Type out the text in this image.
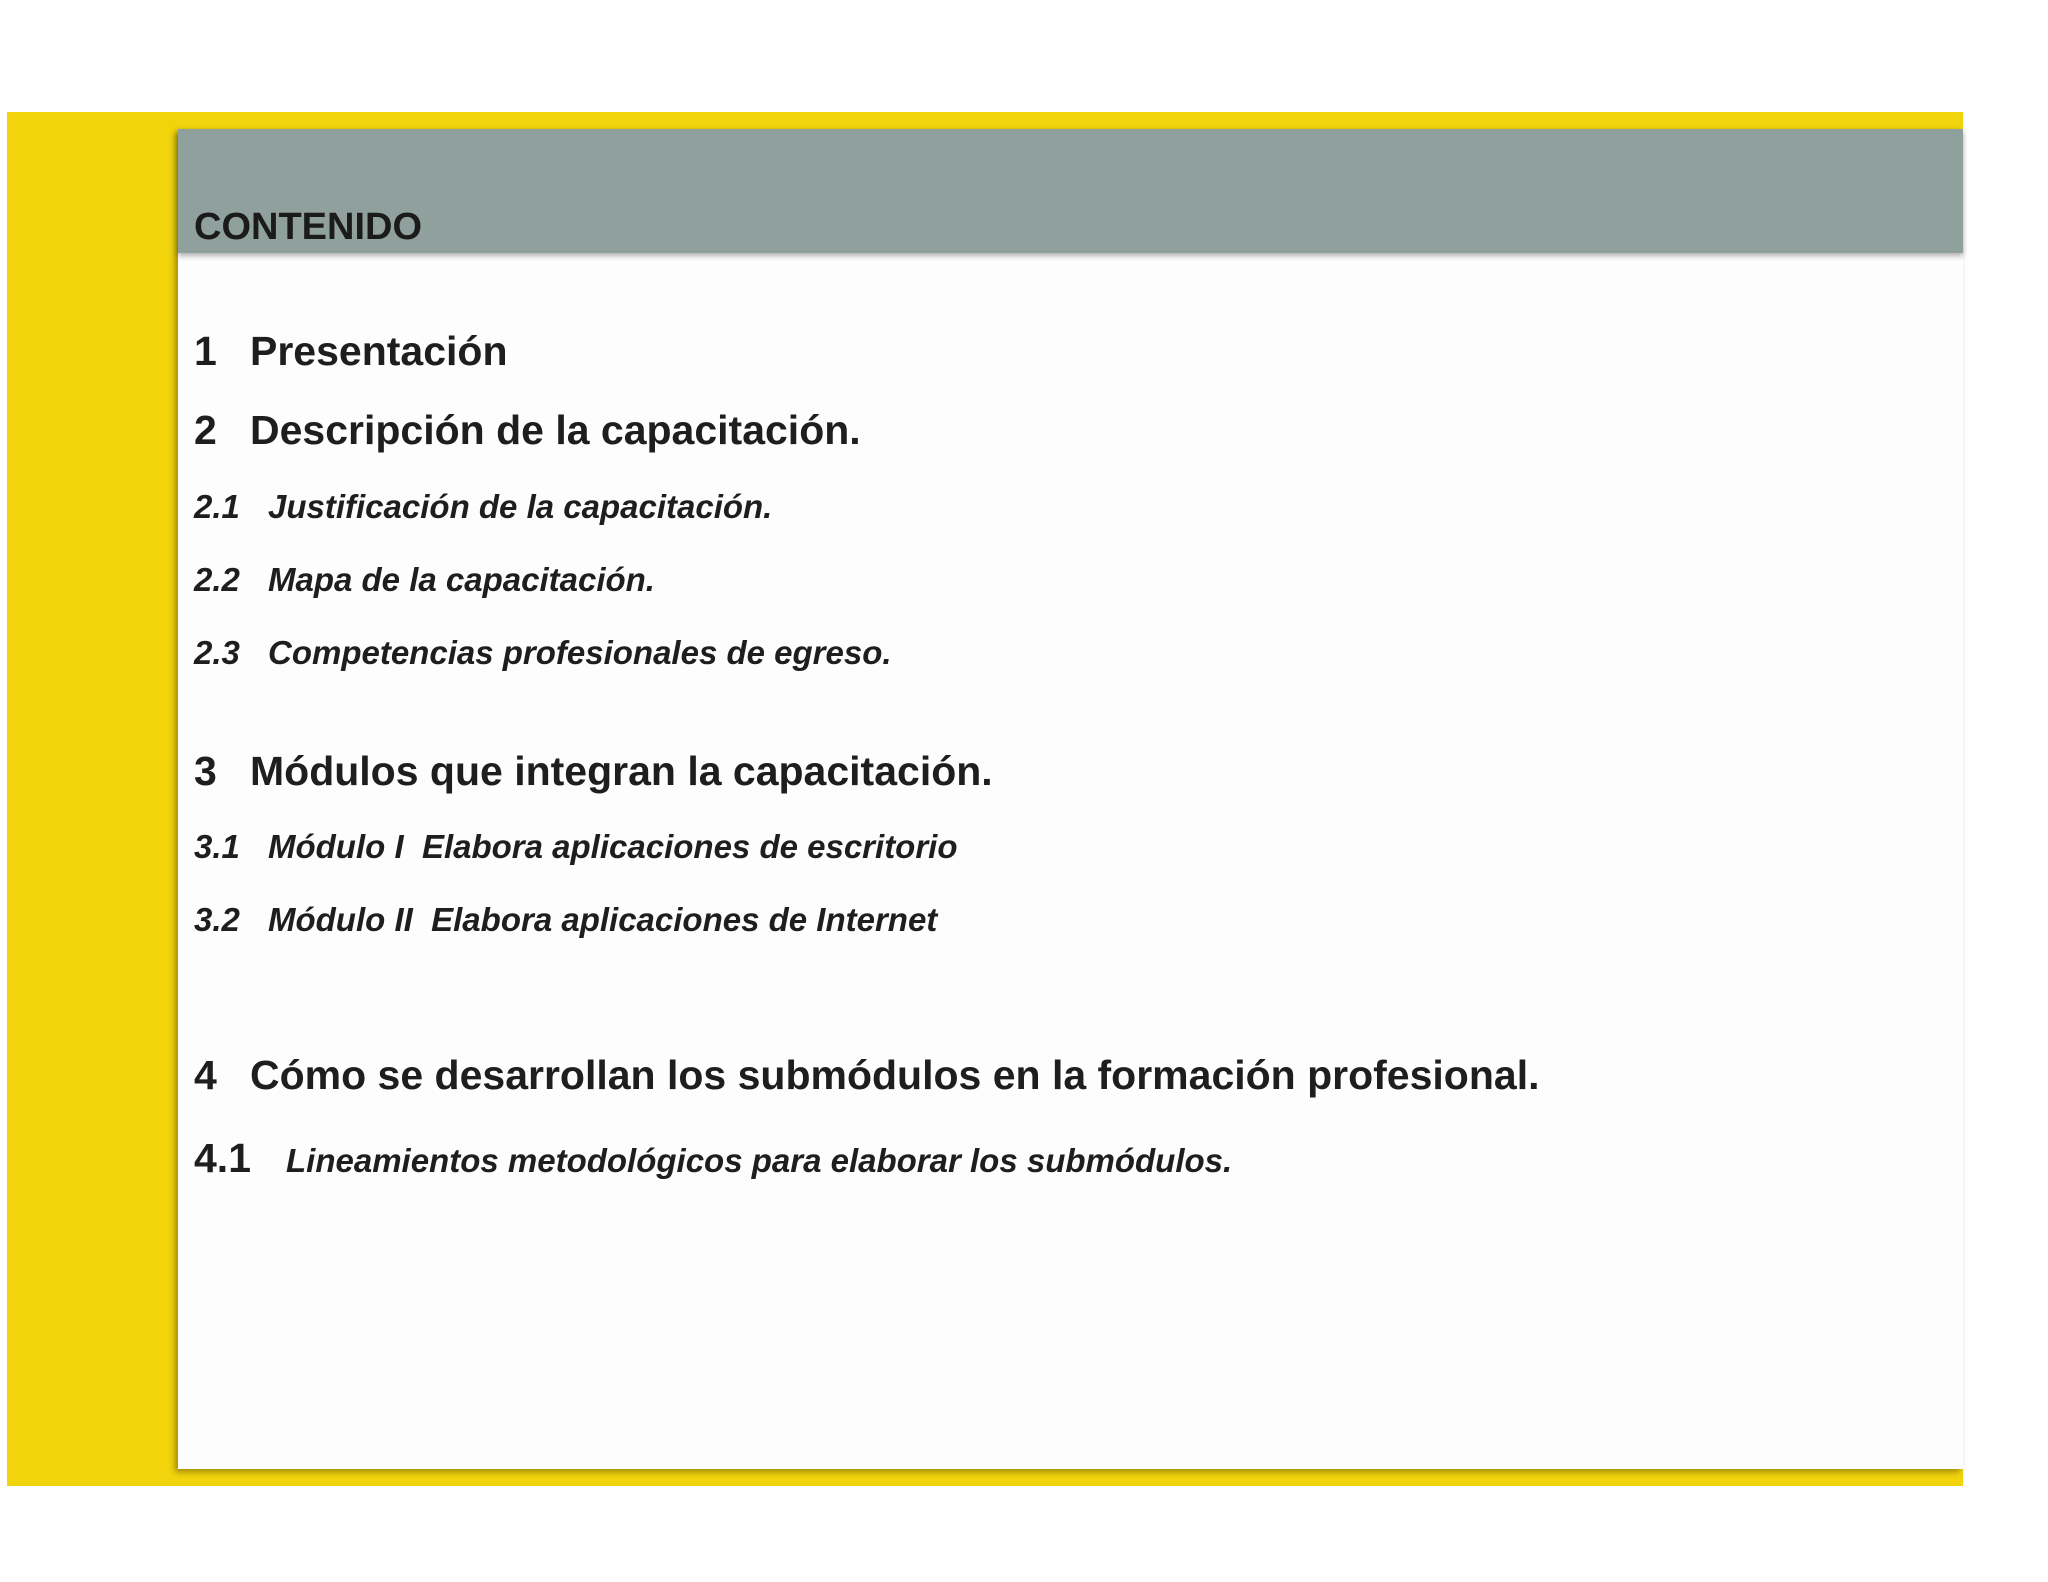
CONTENIDO
1 Presentación
2 Descripción de la capacitación.
2.1 Justificación de la capacitación.
2.2 Mapa de la capacitación.
2.3 Competencias profesionales de egreso.
3 Módulos que integran la capacitación.
3.1 Módulo I  Elabora aplicaciones de escritorio
3.2 Módulo II  Elabora aplicaciones de Internet
4 Cómo se desarrollan los submódulos en la formación profesional.
4.1 Lineamientos metodológicos para elaborar los submódulos.
